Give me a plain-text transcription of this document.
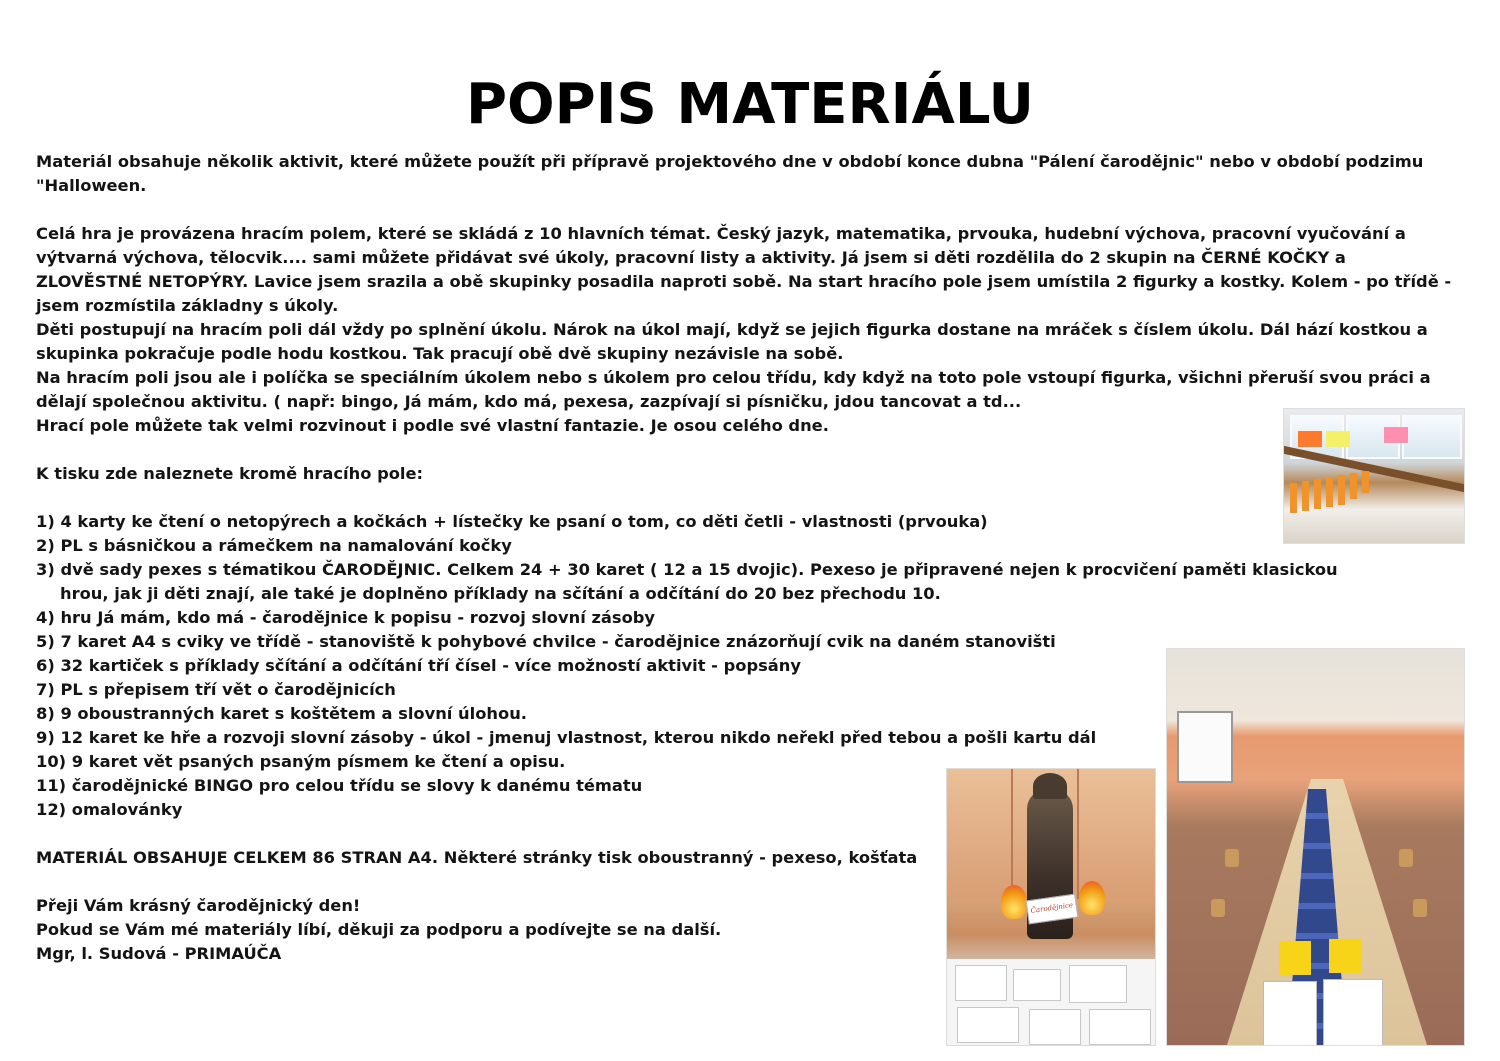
POPIS MATERIÁLU

Materiál obsahuje několik aktivit, které můžete použít při přípravě projektového dne v období konce dubna "Pálení čarodějnic" nebo v období podzimu "Halloween.

Celá hra je provázena hracím polem, které se skládá z 10 hlavních témat. Český jazyk, matematika, prvouka, hudební výchova, pracovní vyučování a výtvarná výchova, tělocvik.... sami můžete přidávat své úkoly, pracovní listy a aktivity. Já jsem si děti rozdělila do 2 skupin na ČERNÉ KOČKY a ZLOVĚSTNÉ NETOPÝRY. Lavice jsem srazila a obě skupinky posadila naproti sobě. Na start hracího pole jsem umístila 2 figurky a kostky. Kolem - po třídě - jsem rozmístila základny s úkoly.

Děti postupují na hracím poli dál vždy po splnění úkolu. Nárok na úkol mají, když se jejich figurka dostane na mráček s číslem úkolu. Dál hází kostkou a skupinka pokračuje podle hodu kostkou. Tak pracují obě dvě skupiny nezávisle na sobě.

Na hracím poli jsou ale i políčka se speciálním úkolem nebo s úkolem pro celou třídu, kdy když na toto pole vstoupí figurka, všichni přeruší svou práci a dělají společnou aktivitu. ( např: bingo, Já mám, kdo má, pexesa, zazpívají si písničku, jdou tancovat a td...

Hrací pole můžete tak velmi rozvinout i podle své vlastní fantazie. Je osou celého dne.

K tisku zde naleznete kromě hracího pole:

1) 4 karty ke čtení o netopýrech a kočkách + lístečky ke psaní o tom, co děti četli - vlastnosti (prvouka)

2) PL s básničkou a rámečkem na namalování kočky

3) dvě sady pexes s tématikou ČARODĚJNIC. Celkem 24 + 30 karet ( 12 a 15 dvojic). Pexeso je připravené nejen k procvičení paměti klasickou
hrou, jak ji děti znají, ale také je doplněno příklady na sčítání a odčítání do 20 bez přechodu 10.

4) hru Já mám, kdo má - čarodějnice k popisu - rozvoj slovní zásoby

5) 7 karet A4 s cviky ve třídě - stanoviště k pohybové chvilce - čarodějnice znázorňují cvik na daném stanovišti

6) 32 kartiček s příklady sčítání a odčítání tří čísel - více možností aktivit - popsány

7) PL s přepisem tří vět o čarodějnicích

8) 9 oboustranných karet s koštětem a slovní úlohou.

9) 12 karet ke hře a rozvoji slovní zásoby - úkol - jmenuj vlastnost, kterou nikdo neřekl před tebou a pošli kartu dál

10) 9 karet vět psaných psaným písmem ke čtení a opisu.

11) čarodějnické BINGO pro celou třídu se slovy k danému tématu

12) omalovánky

MATERIÁL OBSAHUJE CELKEM 86 STRAN A4. Některé stránky tisk oboustranný - pexeso, košťata

Přeji Vám krásný čarodějnický den!

Pokud se Vám mé materiály líbí, děkuji za podporu a podívejte se na další.

Mgr, l. Sudová - PRIMAÚČA

Čarodějnice
